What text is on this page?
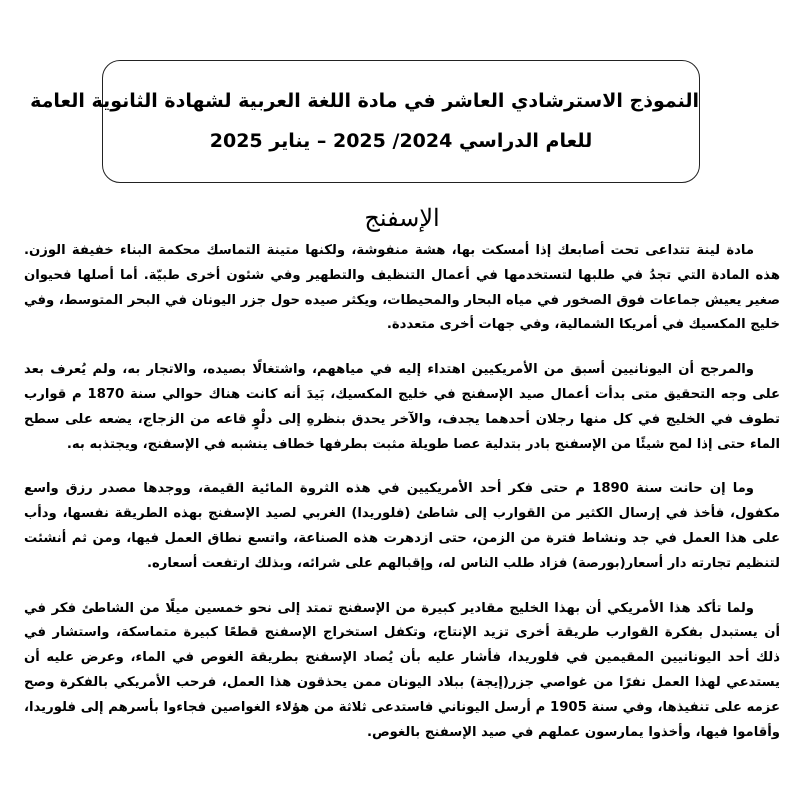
النموذج الاسترشادي العاشر في مادة اللغة العربية لشهادة الثانوية العامة
للعام الدراسي 2024/ 2025 – يناير 2025
الإسفنج

مادة لينة تتداعى تحت أصابعك إذا أمسكت بها، هشة منفوشة، ولكنها متينة التماسك محكمة البناء خفيفة الوزن. هذه المادة التي تجدُ في طلبها لتستخدمها في أعمال التنظيف والتطهير وفي شئون أخرى طبيّة. أما أصلها فحيوان صغير يعيش جماعات فوق الصخور في مياه البحار والمحيطات، ويكثر صيده حول جزر اليونان في البحر المتوسط، وفي خليج المكسيك في أمريكا الشمالية، وفي جهات أخرى متعددة.

والمرجح أن اليونانيين أسبق من الأمريكيين اهتداء إليه في مياههم، واشتغالًا بصيده، والاتجار به، ولم يُعرف بعد على وجه التحقيق متى بدأت أعمال صيد الإسفنج في خليج المكسيك، بَيدَ أنه كانت هناك حوالي سنة 1870 م قوارب تطوف في الخليج في كل منها رجلان أحدهما يجدف، والآخر يحدق بنظرهِ إلى دلْوٍ قاعه من الزجاج، يضعه على سطح الماء حتى إذا لمح شيئًا من الإسفنج بادر بتدلية عصا طويلة مثبت بطرفها خطاف ينشبه في الإسفنج، ويجتذبه به.

وما إن حانت سنة 1890 م حتى فكر أحد الأمريكيين في هذه الثروة المائية القيمة، ووجدها مصدر رزق واسع مكفول، فأخذ في إرسال الكثير من القوارب إلى شاطئ (فلوريدا) الغربي لصيد الإسفنج بهذه الطريقة نفسها، ودأب على هذا العمل في جد ونشاط فترة من الزمن، حتى ازدهرت هذه الصناعة، واتسع نطاق العمل فيها، ومن ثم أنشئت لتنظيم تجارته دار أسعار(بورصة) فزاد طلب الناس له، وإقبالهم على شرائه، وبذلك ارتفعت أسعاره.

ولما تأكد هذا الأمريكي أن بهذا الخليج مقادير كبيرة من الإسفنج تمتد إلى نحو خمسين ميلًا من الشاطئ فكر في أن يستبدل بفكرة القوارب طريقة أخرى تزيد الإنتاج، وتكفل استخراج الإسفنج قطعًا كبيرة متماسكة، واستشار في ذلك أحد اليونانيين المقيمين في فلوريدا، فأشار عليه بأن يُصاد الإسفنج بطريقة الغوص في الماء، وعرض عليه أن يستدعي لهذا العمل نفرًا من غواصي جزر(إيجة) ببلاد اليونان ممن يحذقون هذا العمل، فرحب الأمريكي بالفكرة وصح عزمه على تنفيذها، وفي سنة 1905 م أرسل اليوناني فاستدعى ثلاثة من هؤلاء الغواصين فجاءوا بأسرهم إلى فلوريدا، وأقاموا فيها، وأخذوا يمارسون عملهم في صيد الإسفنج بالغوص.
